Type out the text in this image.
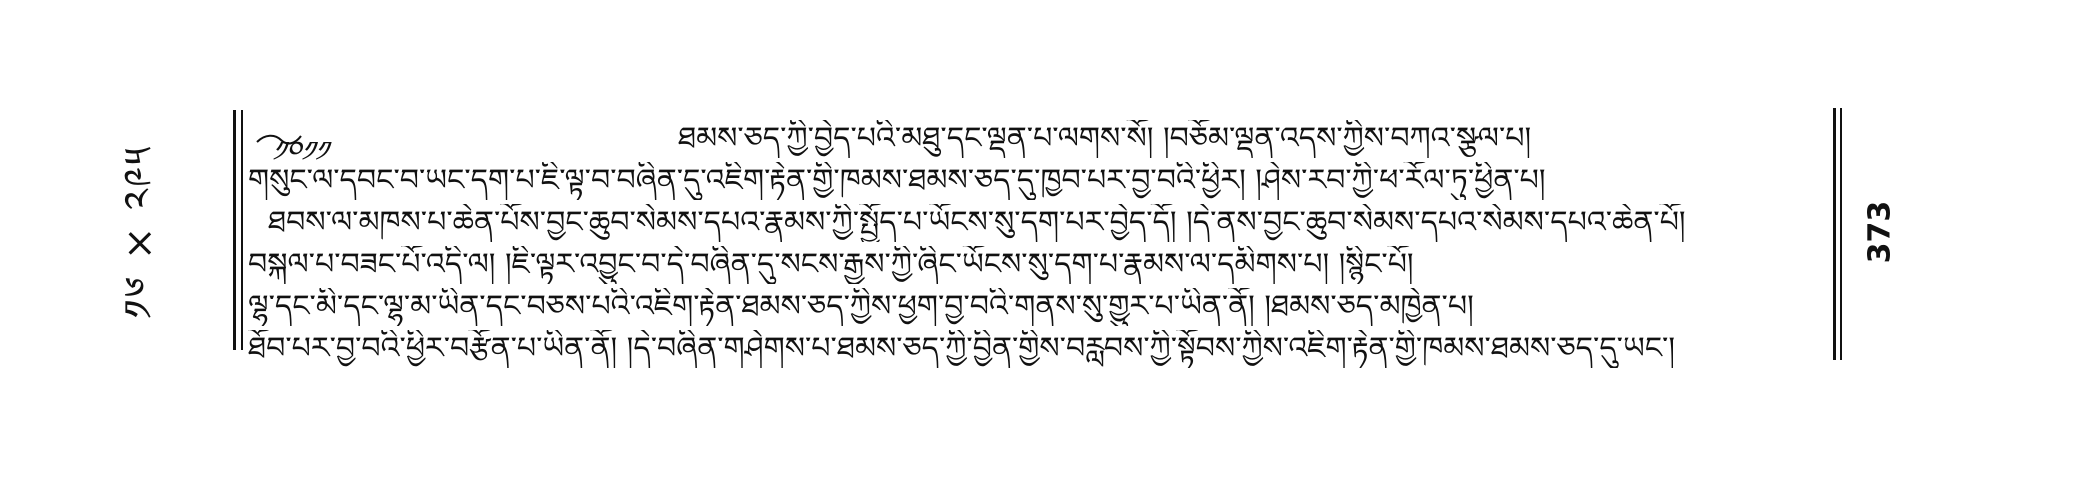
༡༦ × ༢༩༥	༡༠༡༡	ཐམས་ཅད་ཀྱི་བྱེད་པའི་མཐུ་དང་ལྡན་པ་ལགས་སོ། །བཅོམ་ལྡན་འདས་ཀྱིས་བཀའ་སྩལ་པ།
གསུང་ལ་དབང་བ་ཡང་དག་པ་ཇི་ལྟ་བ་བཞིན་དུ་འཇིག་རྟེན་གྱི་ཁམས་ཐམས་ཅད་དུ་ཁྱབ་པར་བྱ་བའི་ཕྱིར། །ཤེས་རབ་ཀྱི་ཕ་རོལ་ཏུ་ཕྱིན་པ།
ཐབས་ལ་མཁས་པ་ཆེན་པོས་བྱང་ཆུབ་སེམས་དཔའ་རྣམས་ཀྱི་སྤྱོད་པ་ཡོངས་སུ་དག་པར་བྱེད་དོ། །དེ་ནས་བྱང་ཆུབ་སེམས་དཔའ་སེམས་དཔའ་ཆེན་པོ།
བསྐལ་པ་བཟང་པོ་འདི་ལ། །ཇི་ལྟར་འབྱུང་བ་དེ་བཞིན་དུ་སངས་རྒྱས་ཀྱི་ཞིང་ཡོངས་སུ་དག་པ་རྣམས་ལ་དམིགས་པ། །སྙིང་པོ།
ལྷ་དང་མི་དང་ལྷ་མ་ཡིན་དང་བཅས་པའི་འཇིག་རྟེན་ཐམས་ཅད་ཀྱིས་ཕྱག་བྱ་བའི་གནས་སུ་གྱུར་པ་ཡིན་ནོ། །ཐམས་ཅད་མཁྱེན་པ།
ཐོབ་པར་བྱ་བའི་ཕྱིར་བརྩོན་པ་ཡིན་ནོ། །དེ་བཞིན་གཤེགས་པ་ཐམས་ཅད་ཀྱི་བྱིན་གྱིས་བརླབས་ཀྱི་སྟོབས་ཀྱིས་འཇིག་རྟེན་གྱི་ཁམས་ཐམས་ཅད་དུ་ཡང་།
373
